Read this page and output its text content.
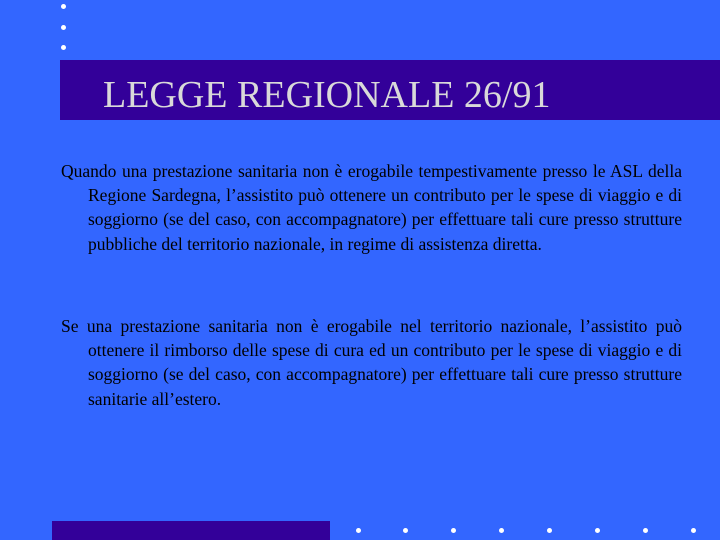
LEGGE REGIONALE 26/91

Quando una prestazione sanitaria non è erogabile tempestivamente presso le ASL della Regione Sardegna, l’assistito può ottenere un contributo per le spese di viaggio e di soggiorno (se del caso, con accompagnatore) per effettuare tali cure presso strutture pubbliche del territorio nazionale, in regime di assistenza diretta.

Se una prestazione sanitaria non è erogabile nel territorio nazionale, l’assistito può ottenere il rimborso delle spese di cura ed un contributo per le spese di viaggio e di soggiorno (se del caso, con accompagnatore) per effettuare tali cure presso strutture sanitarie all’estero.
